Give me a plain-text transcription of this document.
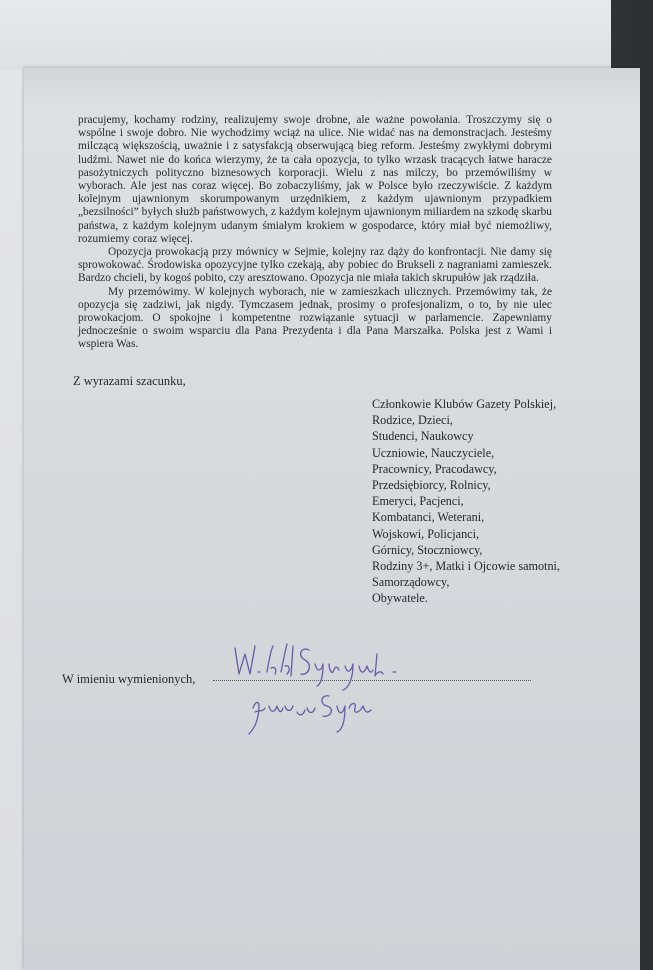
pracujemy, kochamy rodziny, realizujemy swoje drobne, ale ważne powołania. Troszczymy się o wspólne i swoje dobro. Nie wychodzimy wciąż na ulice. Nie widać nas na demonstracjach. Jesteśmy milczącą większością, uważnie i z satysfakcją obserwującą bieg reform. Jesteśmy zwykłymi dobrymi ludźmi. Nawet nie do końca wierzymy, że ta cała opozycja, to tylko wrzask tracących łatwe haracze pasożytniczych polityczno biznesowych korporacji. Wielu z nas milczy, bo przemówiliśmy w wyborach. Ale jest nas coraz więcej. Bo zobaczyliśmy, jak w Polsce było rzeczywiście. Z każdym kolejnym ujawnionym skorumpowanym urzędnikiem, z każdym ujawnionym przypadkiem „bezsilności” byłych służb państwowych, z każdym kolejnym ujawnionym miliardem na szkodę skarbu państwa, z każdym kolejnym udanym śmiałym krokiem w gospodarce, który miał być niemożliwy, rozumiemy coraz więcej.

Opozycja prowokacją przy mównicy w Sejmie, kolejny raz dąży do konfrontacji. Nie damy się sprowokować. Środowiska opozycyjne tylko czekają, aby pobiec do Brukseli z nagraniami zamieszek. Bardzo chcieli, by kogoś pobito, czy aresztowano. Opozycja nie miała takich skrupułów jak rządziła.

My przemówimy. W kolejnych wyborach, nie w zamieszkach ulicznych. Przemówimy tak, że opozycja się zadziwi, jak nigdy. Tymczasem jednak, prosimy o profesjonalizm, o to, by nie ulec prowokacjom. O spokojne i kompetentne rozwiązanie sytuacji w parlamencie. Zapewniamy jednocześnie o swoim wsparciu dla Pana Prezydenta i dla Pana Marszałka. Polska jest z Wami i wspiera Was.

Z wyrazami szacunku,
Członkowie Klubów Gazety Polskiej,
Rodzice, Dzieci,
Studenci, Naukowcy
Uczniowie, Nauczyciele,
Pracownicy, Pracodawcy,
Przedsiębiorcy, Rolnicy,
Emeryci, Pacjenci,
Kombatanci, Weterani,
Wojskowi, Policjanci,
Górnicy, Stoczniowcy,
Rodziny 3+, Matki i Ojcowie samotni,
Samorządowcy,
Obywatele.
W imieniu wymienionych,
